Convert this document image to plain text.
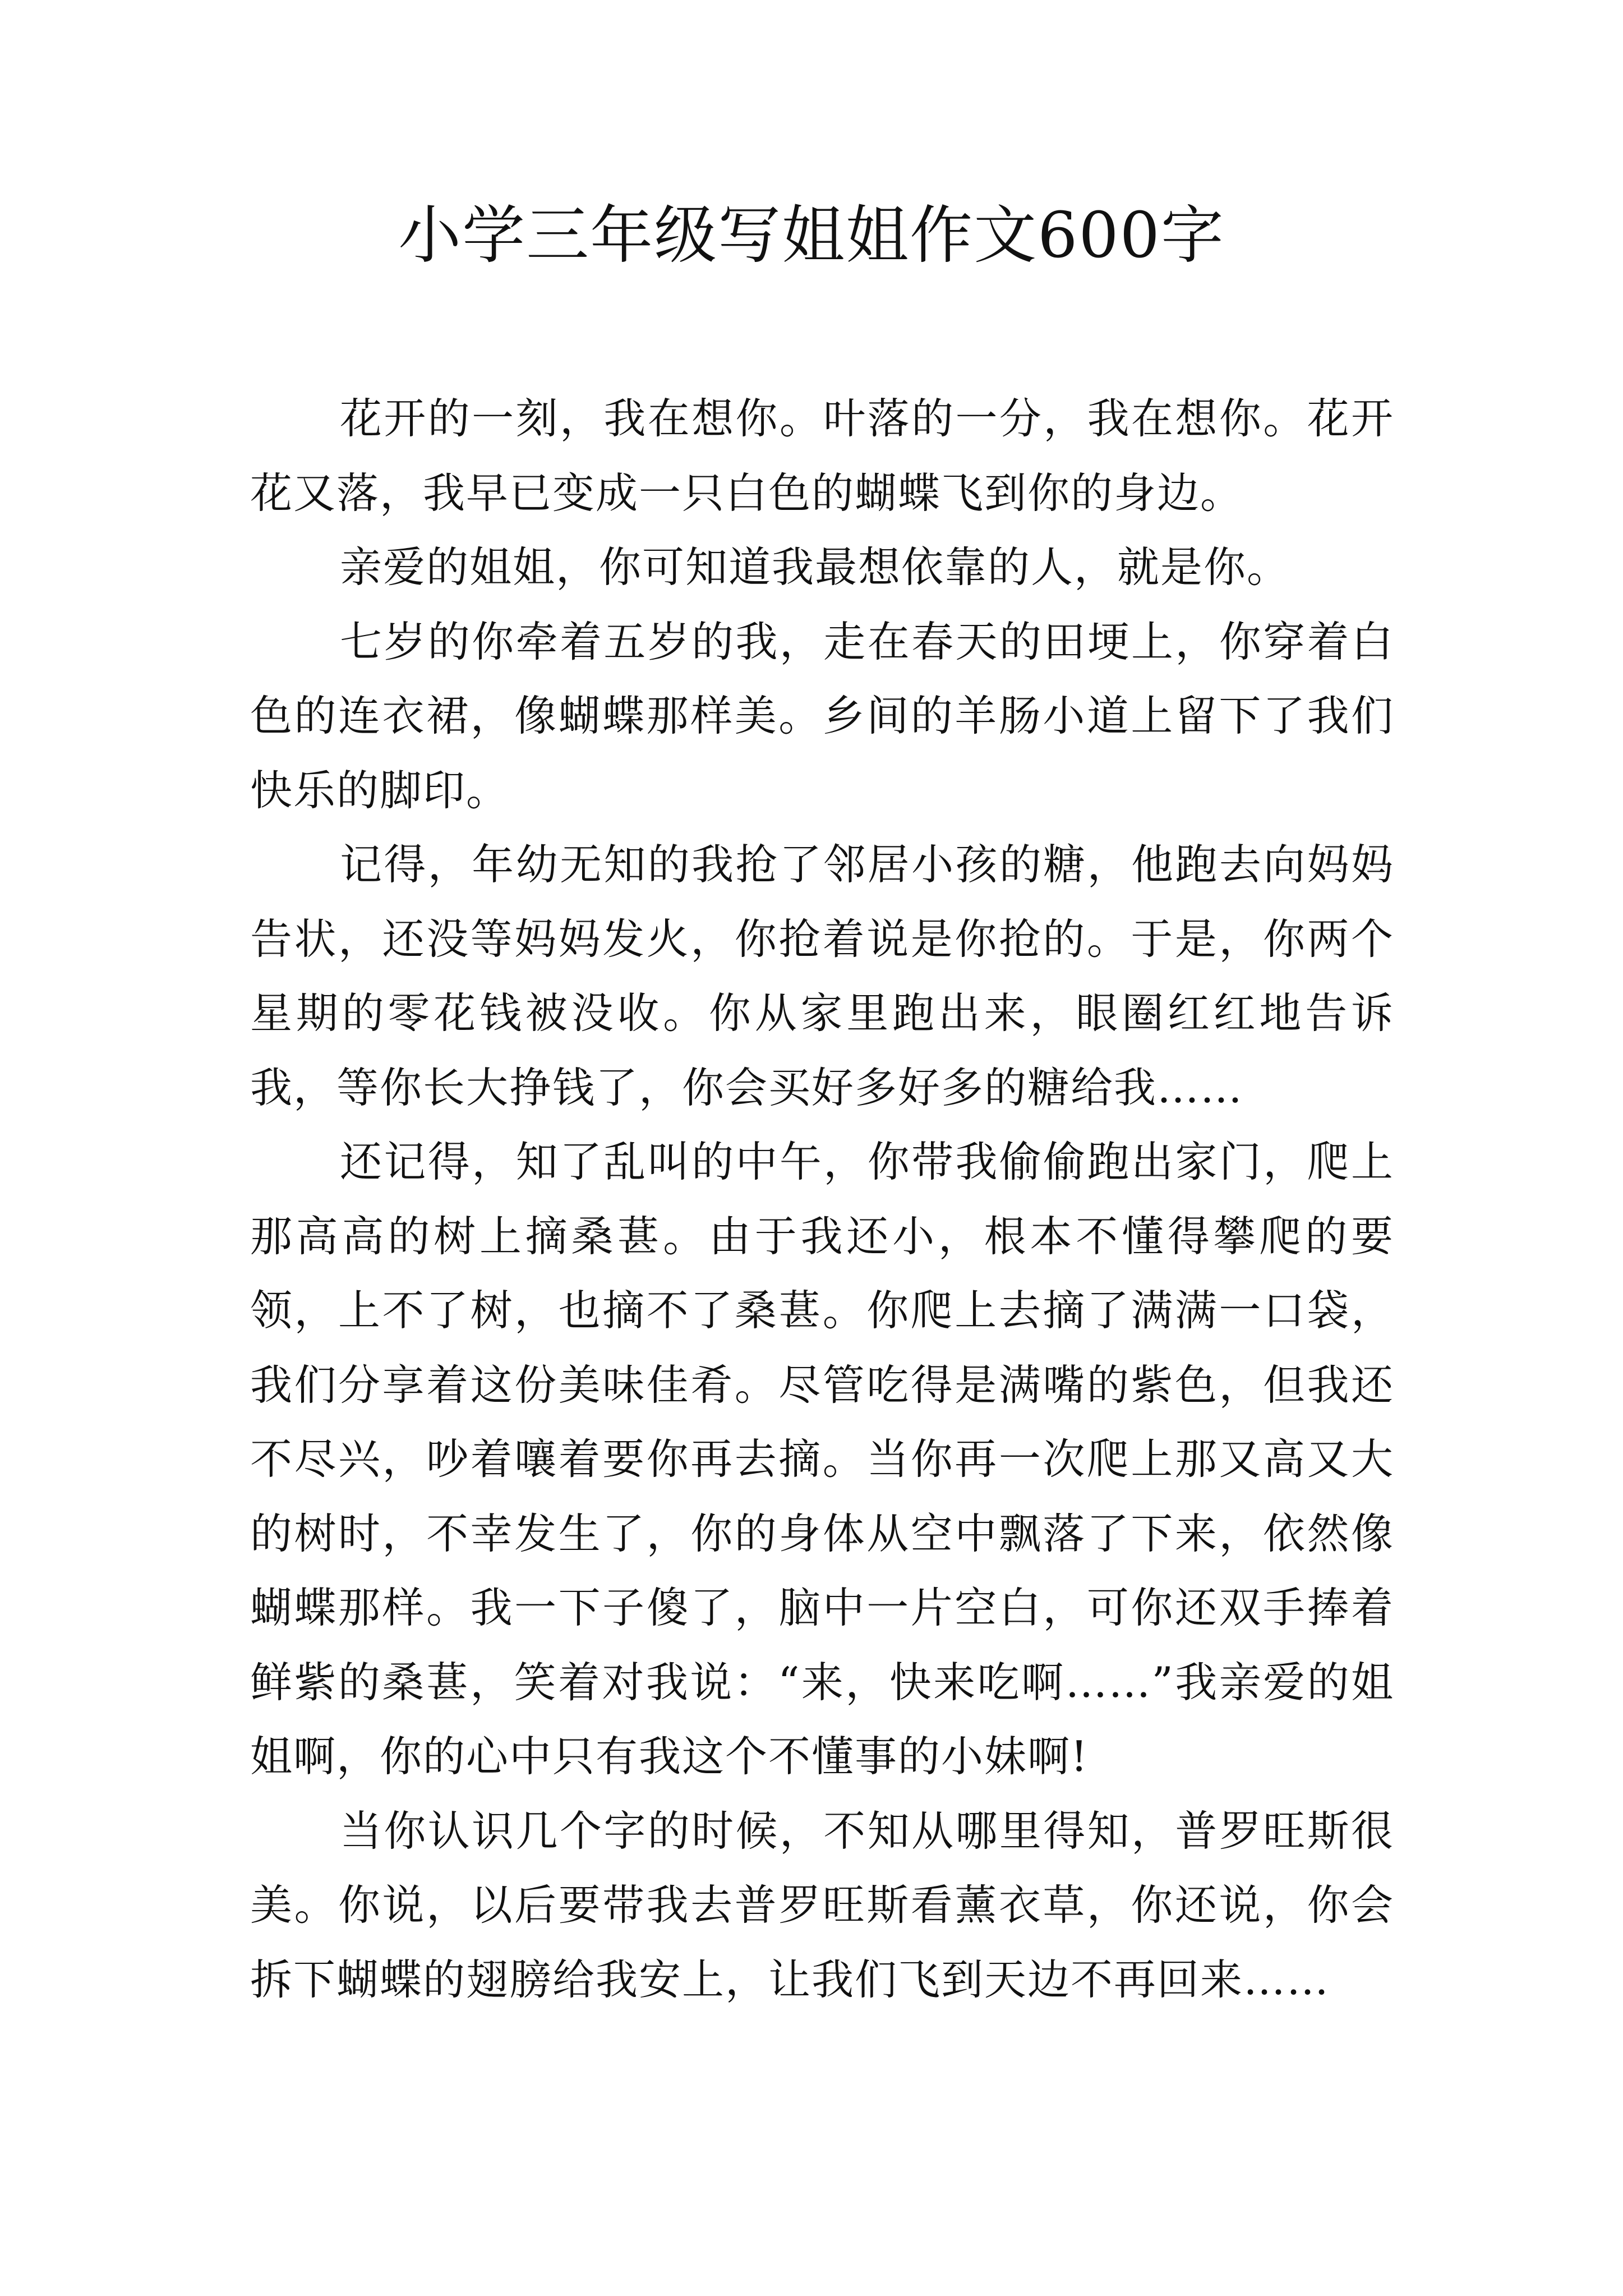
小学三年级写姐姐作文600字

花开的一刻，我在想你。叶落的一分，我在想你。花开花又落，我早已变成一只白色的蝴蝶飞到你的身边。

亲爱的姐姐，你可知道我最想依靠的人，就是你。

七岁的你牵着五岁的我，走在春天的田埂上，你穿着白色的连衣裙，像蝴蝶那样美。乡间的羊肠小道上留下了我们快乐的脚印。

记得，年幼无知的我抢了邻居小孩的糖，他跑去向妈妈告状，还没等妈妈发火，你抢着说是你抢的。于是，你两个星期的零花钱被没收。你从家里跑出来，眼圈红红地告诉我，等你长大挣钱了，你会买好多好多的糖给我……

还记得，知了乱叫的中午，你带我偷偷跑出家门，爬上那高高的树上摘桑葚。由于我还小，根本不懂得攀爬的要领，上不了树，也摘不了桑葚。你爬上去摘了满满一口袋，我们分享着这份美味佳肴。尽管吃得是满嘴的紫色，但我还不尽兴，吵着嚷着要你再去摘。当你再一次爬上那又高又大的树时，不幸发生了，你的身体从空中飘落了下来，依然像蝴蝶那样。我一下子傻了，脑中一片空白，可你还双手捧着鲜紫的桑葚，笑着对我说：“来，快来吃啊……”我亲爱的姐姐啊，你的心中只有我这个不懂事的小妹啊!

当你认识几个字的时候，不知从哪里得知，普罗旺斯很美。你说，以后要带我去普罗旺斯看薰衣草，你还说，你会拆下蝴蝶的翅膀给我安上，让我们飞到天边不再回来……
